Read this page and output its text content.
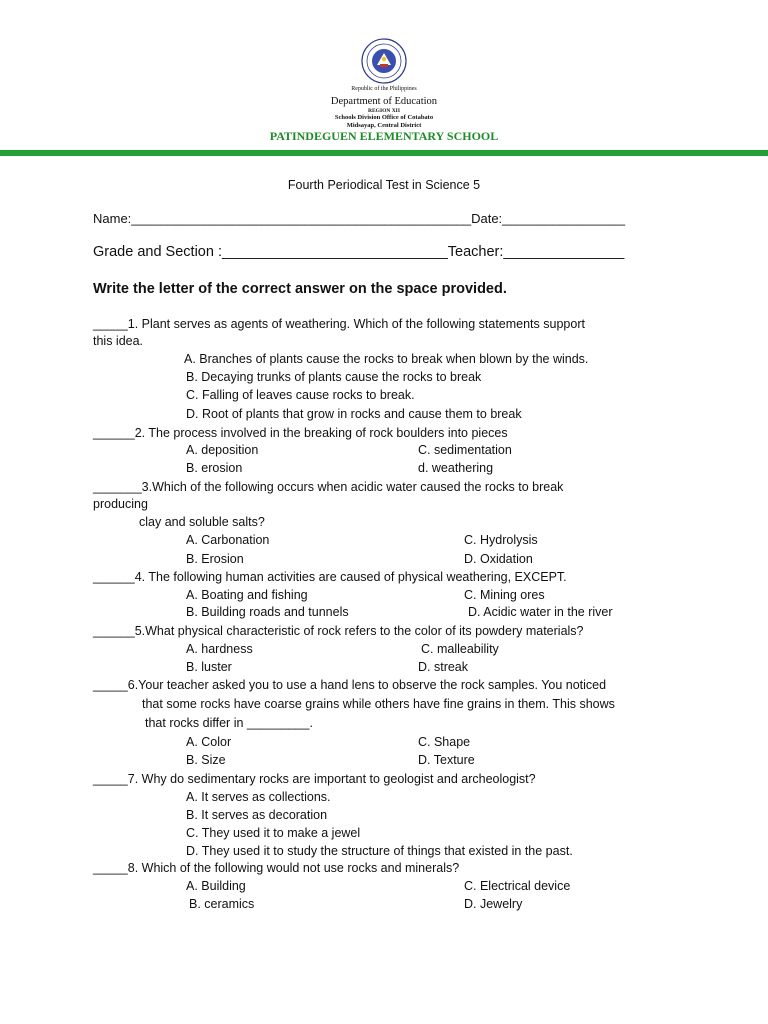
Republic of the Philippines
Department of Education
REGION XII
Schools Division Office of Cotabato
Midsayap, Central District
PATINDEGUEN ELEMENTARY SCHOOL
Fourth Periodical Test in Science 5
Name:_______________________________________________Date:_________________
Grade and Section :____________________________Teacher:_______________
Write the letter of the correct answer on the space provided.
_____1. Plant serves as agents of weathering. Which of the following statements support
this idea.
A. Branches of plants cause the rocks to break when blown by the winds.
B. Decaying trunks of plants cause the rocks to break
C. Falling of leaves cause rocks to break.
D. Root of plants that grow in rocks and cause them to break
______2. The process involved in the breaking of rock boulders into pieces
A. deposition	C. sedimentation
B. erosion	d. weathering
_______3.Which of the following occurs when acidic water caused the rocks to break
producing
clay and soluble salts?
A. Carbonation	C. Hydrolysis
B. Erosion	D. Oxidation
______4. The following human activities are caused of physical weathering, EXCEPT.
A. Boating and fishing	C. Mining ores
B. Building roads and tunnels	D. Acidic water in the river
______5.What physical characteristic of rock refers to the color of its powdery materials?
A. hardness	C. malleability
B. luster	D. streak
_____6.Your teacher asked you to use a hand lens to observe the rock samples. You noticed
that some rocks have coarse grains while others have fine grains in them. This shows
that rocks differ in _________.
A. Color	C. Shape
B. Size	D. Texture
_____7. Why do sedimentary rocks are important to geologist and archeologist?
A. It serves as collections.
B. It serves as decoration
C. They used it to make a jewel
D. They used it to study the structure of things that existed in the past.
_____8. Which of the following would not use rocks and minerals?
A. Building	C. Electrical device
B. ceramics	D. Jewelry
